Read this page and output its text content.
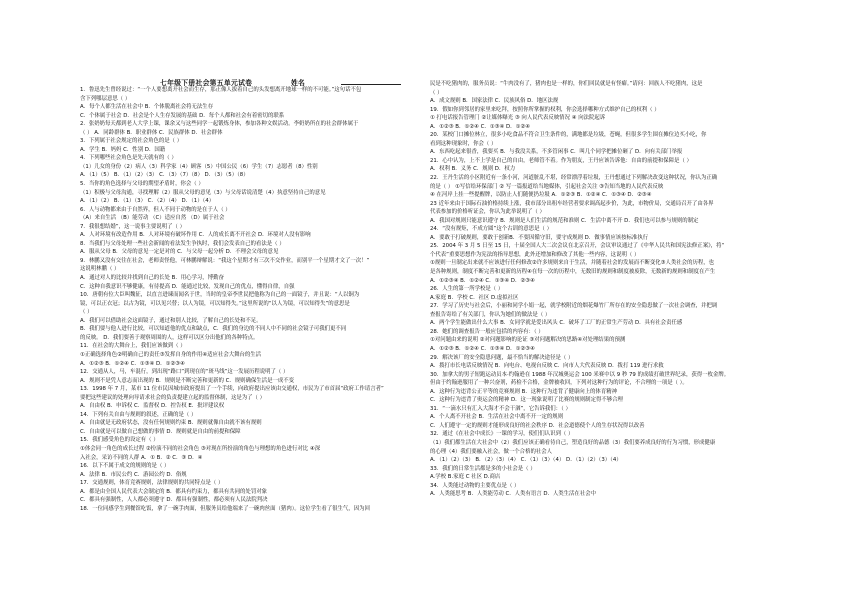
七年级下册社会第五单元试卷	姓名
1．鲁迅先生曾经说过：“一个人要想离开社会而生存，那正像人拔着自己的头发想离开地球一样的不可能。”这句话不包
含下列哪层意思（ ）
A．每个人都生活在社会中 B．个体脱离社会将无法生存
C．个体属于社会 D．社会是个人生存发展的基础 D．每个人都和社会有着密切的联系
2．张奶奶每天都到老人大学上课，课余又与这些同学一起锻炼身体，参加各种文娱活动。李奶奶所在的社会群体属于
（ ） A．同龄群体 B．职业群体 C．民族群体 D．社会群体
3．下列属于社会规定的社会角色的是（ ）
A．学生 B．妈妈 C．性别 D．国籍
4．下列哪些社会角色是先天就有的（ ）
（1）儿女的身份（2）病人（3）科学家（4）顾客（5）中国公民（6）学生（7）志愿者（8）性别
A．（1）（5） B．（1）（2）（3） C．（3）（7）（8） D．（3）（5）（8）
5．当你的角色选择与父母的期望矛盾时，你会（ ）
（1）积极与父母沟通，寻找理解（2）服从父母的意见（3）与父母话说清楚（4）执意坚持自己的意见
A．（1）（2） B．（1）（3） C．（2）（4） D．（1）（4）
6．人与动物都来由于自然界，但人不同于动物的是在于人（ ）
（A）来自生活 （B）能劳动 （C）适应自然 （D）属于社会
7．我很想结婚”，这一说事主要说明了（ ）
A．人对环境有改造作用 B．人对环境有破坏作用 C．人的成长离不开社会 D．环境对人没有影响
8．当我们与父母处理一些社会新闻的看法发生争执时，我们会发表自己的看法是（ ）
A．服从父母 B．父母的意见一定是对的 C．与父母一起分析 D．不理会父母的意见
9．林鹏又没有交往在社会，老师责怪他，可林鹏辩解说：“我这个星期才有三次不交作业，而别平一个星期才文了一次！”
这说明林鹏（ ）
A．通过对人的比较并找到自己的长处 B．用心学习，博勤奋
C．这种自我意识不够健康，有待提高 D．能通过比较，发现自己的优点，懂得自律，自强
10．唐朝有位大臣叫魏征，以直言进谏而闻名于世，当时的皇帝李世民把他称为自己的一面镜子，并且说：“人以铜为
镜，可以正衣冠；以古为镜，可以见兴替；以人为镜，可以知得失。”这里所说的“以人为镜，可以知得失”的意思是
（ ）
A．我们可以借助社会这面镜子，通过和别人比较，了解自己的长处和不足。
B．我们要与他人进行比较，可以知道他的优点和缺点，C．我们的身边的不同人中不同的社会镜子可我们更不同
的反映。 D．我们要善于观察周围的人，这样可以区分出他们的各种特点。
11．在社会的大舞台上，我们应该做到（ ）
①正确选择角色②明确自己的责任③发挥自身的作用④适应社会大舞台的生活
A．①②③ B．①②④ C．①③④ D．①②③④
12．交通从人，马，车混行，到出现“路口”到现在的“斑马线”这一发展历程说明了（ ）
A．规则不是凭人意志而出现的 B．规则是不断完善和更新的 C．规则确保生活是一成不变
13．1998 年 7 月，某市 11 位市民因城市政府提出了一个手续，向政府提出应该由交通权，市民为了市首届“政府工作请言者”
要把这些建议的处理向导请求社会的负责提建立起的监督体制，这是为了（ ）
A．自由权 B．申诉权 C．监督权 D．控告权 E．批评建议权
14．下列有关自由与规则的叙述，正确的是（ ）
A．自由就是无政府状态，没有任何规则约束 B．规则就像自由就不该有规则
C．自由就是可以做自己想做的事情 D．规则就是自由的前提和保障
15．我们感受角色的设定有（ ）
①体会同一角色的成长过程 ②扮演不同的社会角色 ③对现在所扮演的角色与理想的角色进行对比 ④深
入社会，采访不同的人群 A．① B．② C．③ D．④
16．以下不属于成文的规则的是（ ）
A．法律 B．市民公约 C．游园公约 D．俗规
17．交通规则，体育竞赛规则，法律规则的共同特点是（ ）
A．都是由全国人民代表大会制定的 B．都具有约束力，都具有共同的处罚对象
C．都具有强制性，人人都必须遵守 D．都具有强制性，都必须有人民法院判决
18．一位同感学生到餐馆吃饭，拿了一碗手肉面，但服务员给他端来了一碗肉丝面（猪肉）。这位学生看了很生气，因为回
民是不吃猪肉的，服务员说：“牛肉没有了，猪肉也是一样的，你们回民就是有怪癖。”请问：回族人不吃猪肉，这是
（ ）
A．成文规则 B．国家法律 C．民族风俗 D．地区法规
19．假如你到邻居的家里来吃拜，按照你所掌握的权利，你会选择哪种方式维护自己的权利（ ）
① 打电话报告管理门 ②让媒体曝光 ③ 向人民代表反映情况 ④ 向法院起诉
A．①②③ B．①②④ C．①③④ D．①②④
20．某校门口摊位林立，很多小吃食品不符合卫生条件的，满地都是垃圾，苍蝇，但很多学生围在摊位边买小吃，你
看到这种现象时，你会（ ）
A．东西吃起来很香，我要买 B．与我没关系，不多管闲事 C．叫几个同学把摊位砸了 D．向有关部门举报
21．心中认为，上不上学是自己的自由，老师管不着。作为朋友，王丹应该告诉他：自由的前提和保障是（ ）
A．权利 B．义务 C．规则 D．权力
22．王丹生活的小区附近有一条小河，河道脏乱不堪，经常漂浮着垃圾，王丹想通过下列解决改变这种状况，你认为正确
的是（ ） ①写信给环保部门 ② 写一篇报道给当地媒体，引起社会关注 ③告知当地的人民代表反映
④ 在河岸上挂一些提醒牌，以防止人们随便扔垃圾 A．①②③ B．①②④ C．①③④ D．②③④
23 近年来由于国际石油价格持续上涨，我市部分出租车经营者要求调高起步价，为此，市物价局，交通局召开了由各界
代表参加的价格听证会，你认为此举说明了（ ）
A．我国对规则只能意识遵守 B．规则是人们生活的规范和准则 C．生活中离不开 D．我们也可以参与规则的制定
24．“没有规矩，不成方圆”这个古训的意思是（ ）
A．要敢于打破规则，要敢于创新B．不要因循守旧，要守成规则 D．做事情应该按标准执行
25．2004 年 3 月 5 日至 15 日，十届全国人大二次会议在北京召开，会议审议通过了《中华人民共和国宪法修正案》，将“
个代表”重要思想作为宪法的指导思想，此外还增加和修改了其他一些内容，这说明（ ）
①规则一旦制定出来就不应该进行任何修改②许多规则来自于生活，并随着社会的发展而不断变化③人类社会的历程，也
是各种规则，制度不断完善和更新的历程④在每一次的历程中，无数旧的规则和制度被废除，无数新的规则和制度在产生
A．①②③④ B．①②④ C．①③④ D．②③④
26．人生的第一所学校是（ ）
A.家庭 B．学校 C．社区 D.虚拟社区
27．学习了历史与社会后，小丽和同学小娟一起，就学校附近的烟花爆竹厂所存在的安全隐患做了一次社会调查，并把调
查报告寄给了有关部门，你认为她们的做法是（ ）
A．两个学生能做出什么大事 B．女同学就是爱出风头 C．破坏了工厂的正常生产劳动 D．具有社会责任感
28．她们的调查报告一般应包括的内容有：（ ）
①对问题由来的说明 ②对问题影响的论证 ③对问题解决的思路④对处理结果的预测
A．①②③ B．①②④ C．①③④ D．①②③④
29．解决该厂的安全隐患问题，最不恰当的解决途径是（ ）
A．拨打市长电话反映情况 B．向电台、电视台反映 C．向市人大代表反映 D．拨打 119 进行求救
30．加拿大的男子短跑运动员本·约翰逊在 1988 年汉城奥运会 100 米赛中以 9 秒 79 的成绩打破世界纪录，获得一枚金牌。
但由于约翰逊服用了一种兴奋剂，药检不合格，金牌被收回，下列对这种行为的评论，不合理的一项是（ ）。
A．这种行为违背公正平等的竞赛规则 B．这种行为违背了健康向上的体育精神
C．这种行为违背了奥运会的精神 D．这一现象说明了比赛的规则制定得不够合理
31．“一滴水只有汇入大海才不会干涸”，它告诉我们：（ ）
A．个人离不开社会 B．生活在社会中离不开一定的规则
C．人们遵守一定的规则才能形成良好的社会秩序 D．社会道德使个人的生存状况得以改善
32．通过《在社会中成长》一课的学习，使们们认识到（ ）
（1）我们都生活在大社会中（2）我们应该正确看待自己，塑造良好的品德（3）我们要养成良好的行为习惯，形成健康
的心理（4）我们要融入社会，做一个合格的社会人
A．（1）（2）（3） B．（2）（3）（4） C．（1）（3）（4） D．（1）（2）（3）（4）
33．我们的日常生活都是多的小社会是（ ）
A.学校 B.家庭 C 社区 D.商店
34．人类能过动物的主要优点是（ ）
A．人类能思考 B．人类能劳动 C．人类有语言 D．人类生活在社会中
